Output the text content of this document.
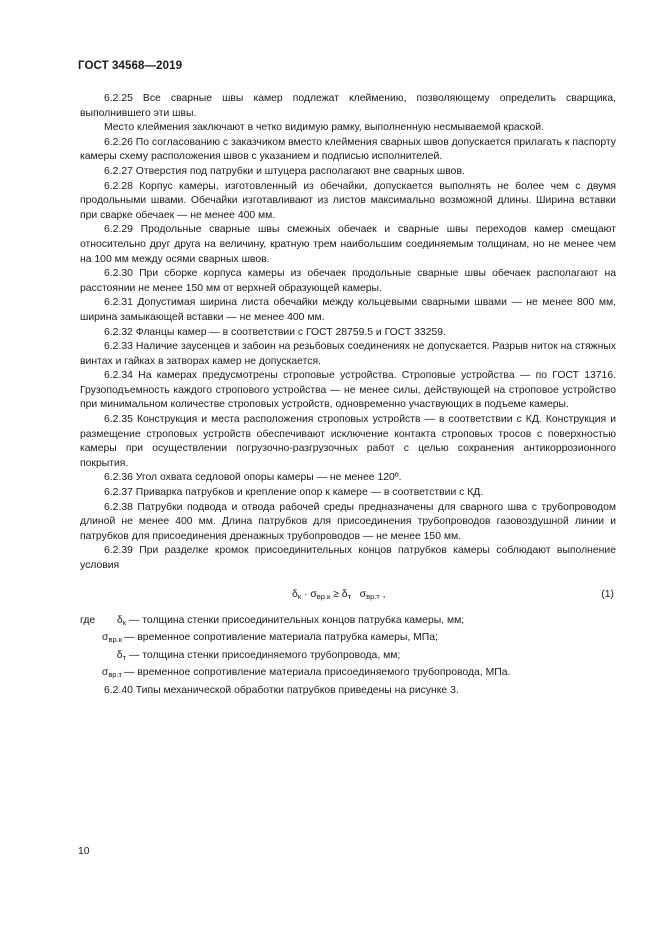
ГОСТ 34568—2019

6.2.25 Все сварные швы камер подлежат клеймению, позволяющему определить сварщика, выполнившего эти швы.

Место клеймения заключают в четко видимую рамку, выполненную несмываемой краской.

6.2.26 По согласованию с заказчиком вместо клеймения сварных швов допускается прилагать к паспорту камеры схему расположения швов с указанием и подписью исполнителей.

6.2.27 Отверстия под патрубки и штуцера располагают вне сварных швов.

6.2.28 Корпус камеры, изготовленный из обечайки, допускается выполнять не более чем с двумя продольными швами. Обечайки изготавливают из листов максимально возможной длины. Ширина вставки при сварке обечаек — не менее 400 мм.

6.2.29 Продольные сварные швы смежных обечаек и сварные швы переходов камер смещают относительно друг друга на величину, кратную трем наибольшим соединяемым толщинам, но не менее чем на 100 мм между осями сварных швов.

6.2.30 При сборке корпуса камеры из обечаек продольные сварные швы обечаек располагают на расстоянии не менее 150 мм от верхней образующей камеры.

6.2.31 Допустимая ширина листа обечайки между кольцевыми сварными швами — не менее 800 мм, ширина замыкающей вставки — не менее 400 мм.

6.2.32 Фланцы камер — в соответствии с ГОСТ 28759.5 и ГОСТ 33259.

6.2.33 Наличие заусенцев и забоин на резьбовых соединениях не допускается. Разрыв ниток на стяжных винтах и гайках в затворах камер не допускается.

6.2.34 На камерах предусмотрены строповые устройства. Строповые устройства — по ГОСТ 13716. Грузоподъемность каждого стропового устройства — не менее силы, действующей на строповое устройство при минимальном количестве строповых устройств, одновременно участвующих в подъеме камеры.

6.2.35 Конструкция и места расположения строповых устройств — в соответствии с КД. Конструкция и размещение строповых устройств обеспечивают исключение контакта строповых тросов с поверхностью камеры при осуществлении погрузочно-разгрузочных работ с целью сохранения антикоррозионного покрытия.

6.2.36 Угол охвата седловой опоры камеры — не менее 120º.

6.2.37 Приварка патрубков и крепление опор к камере — в соответствии с КД.

6.2.38 Патрубки подвода и отвода рабочей среды предназначены для сварного шва с трубопроводом длиной не менее 400 мм. Длина патрубков для присоединения трубопроводов газовоздушной линии и патрубков для присоединения дренажных трубопроводов — не менее 150 мм.

6.2.39 При разделке кромок присоединительных концов патрубков камеры соблюдают выполнение условия

$\delta_к \cdot \sigma_{вр.к} \ge \delta_т$ $\sigma_{вр.т}$ ,	(1)
где	$\delta_к$ — толщина стенки присоединительных концов патрубка камеры, мм;
$\sigma_{вр.к}$ — временное сопротивление материала патрубка камеры, МПа;
$\delta_т$ — толщина стенки присоединяемого трубопровода, мм;
$\sigma_{вр.т}$ — временное сопротивление материала присоединяемого трубопровода, МПа.

6.2.40 Типы механической обработки патрубков приведены на рисунке 3.

10
